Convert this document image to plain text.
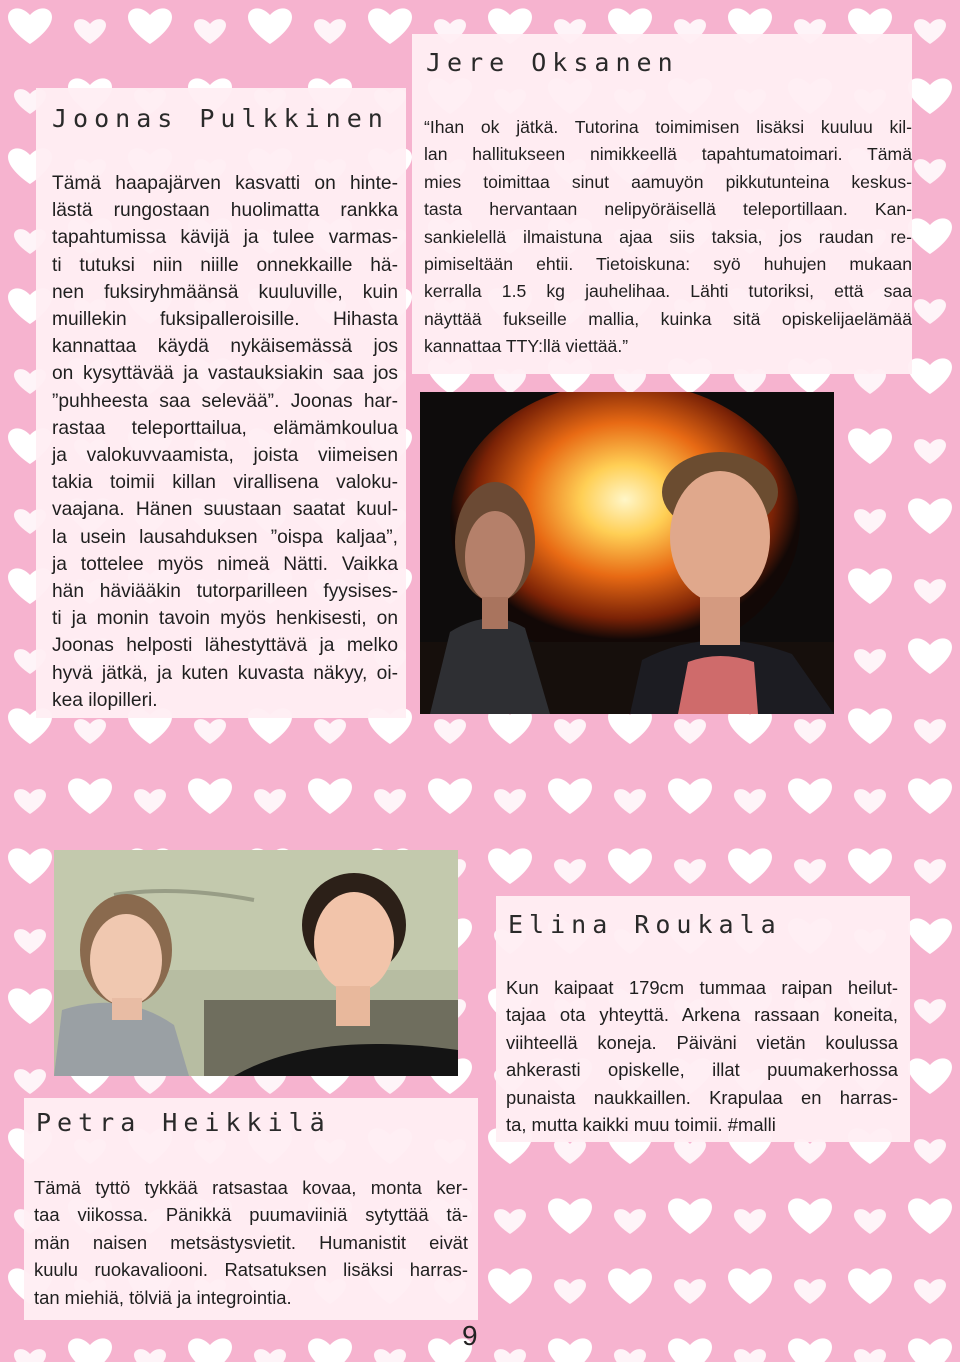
Joonas Pulkkinen
Tämä haapajärven kasvatti on hinte-
lästä rungostaan huolimatta rankka
tapahtumissa kävijä ja tulee varmas-
ti tutuksi niin niille onnekkaille hä-
nen fuksiryhmäänsä kuuluville, kuin
muillekin fuksipalleroisille. Hihasta
kannattaa käydä nykäisemässä jos
on kysyttävää ja vastauksiakin saa jos
”puhheesta saa selevää”. Joonas har-
rastaa teleporttailua, elämämkoulua
ja valokuvvaamista, joista viimeisen
takia toimii killan virallisena valoku-
vaajana. Hänen suustaan saatat kuul-
la usein lausahduksen ”oispa kaljaa”,
ja tottelee myös nimeä Nätti. Vaikka
hän häviääkin tutorparilleen fyysises-
ti ja monin tavoin myös henkisesti, on
Joonas helposti lähestyttävä ja melko
hyvä jätkä, ja kuten kuvasta näkyy, oi-
kea ilopilleri.
Jere Oksanen
“Ihan ok jätkä. Tutorina toimimisen lisäksi kuuluu kil-
lan hallitukseen nimikkeellä tapahtumatoimari. Tämä
mies toimittaa sinut aamuyön pikkutunteina keskus-
tasta hervantaan nelipyöräisellä teleportillaan. Kan-
sankielellä ilmaistuna ajaa siis taksia, jos raudan re-
pimiseltään ehtii. Tietoiskuna: syö huhujen mukaan
kerralla 1.5 kg jauhelihaa. Lähti tutoriksi, että saa
näyttää fukseille mallia, kuinka sitä opiskelijaelämää
kannattaa TTY:llä viettää.”
Elina Roukala
Kun kaipaat 179cm tummaa raipan heilut-
tajaa ota yhteyttä. Arkena rassaan koneita,
viihteellä koneja. Päiväni vietän koulussa
ahkerasti opiskelle, illat puumakerhossa
punaista naukkaillen. Krapulaa en harras-
ta, mutta kaikki muu toimii. #malli
Petra Heikkilä
Tämä tyttö tykkää ratsastaa kovaa, monta ker-
taa viikossa. Pänikkä puumaviiniä sytyttää tä-
män naisen metsästysvietit. Humanistit eivät
kuulu ruokavaliooni. Ratsatuksen lisäksi harras-
tan miehiä, tölviä ja integrointia.
9
